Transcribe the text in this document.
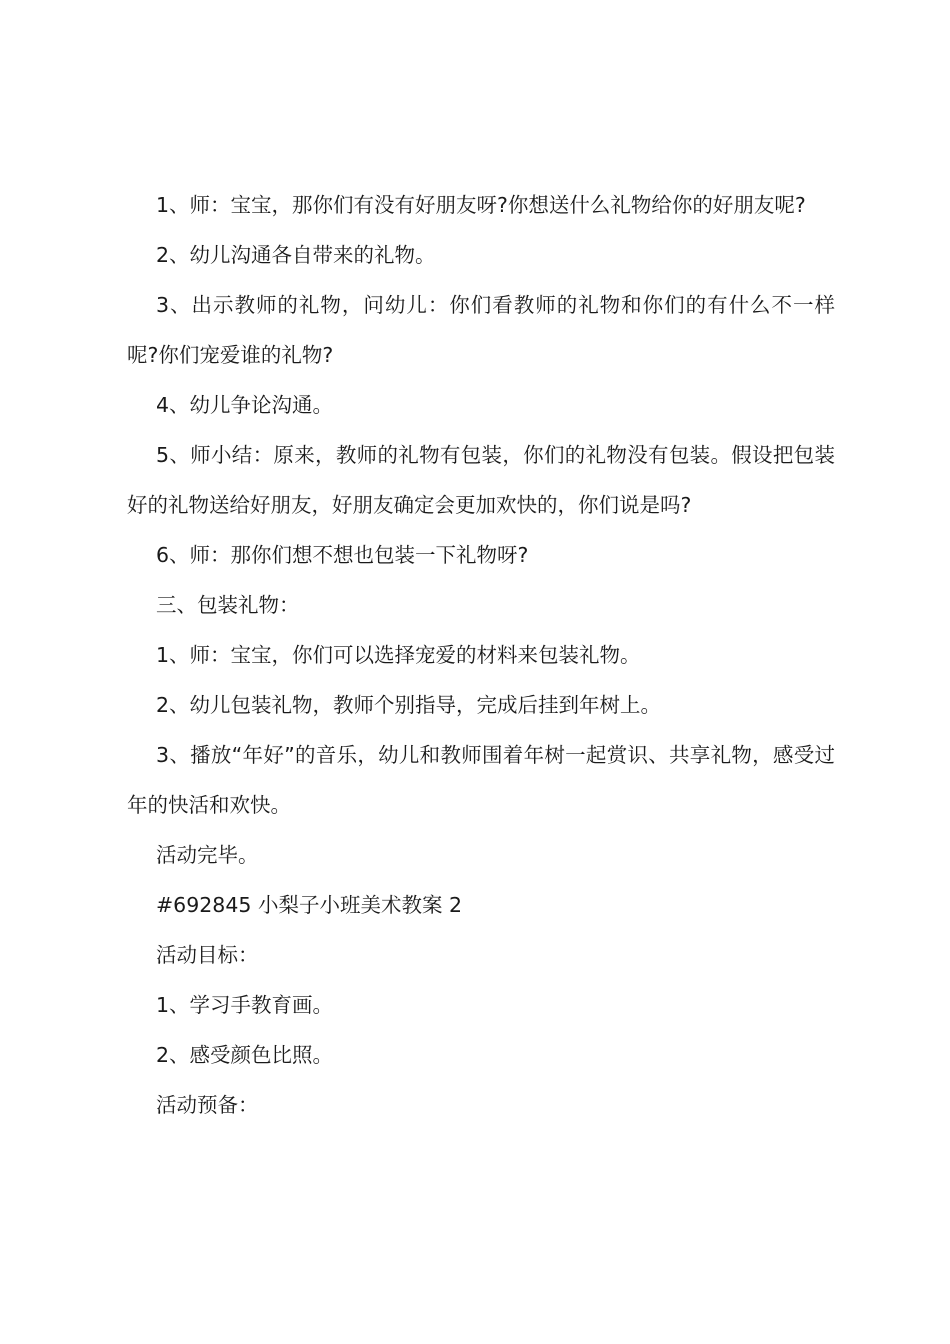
1、师：宝宝，那你们有没有好朋友呀?你想送什么礼物给你的好朋友呢?

2、幼儿沟通各自带来的礼物。

3、出示教师的礼物，问幼儿：你们看教师的礼物和你们的有什么不一样呢?你们宠爱谁的礼物?

4、幼儿争论沟通。

5、师小结：原来，教师的礼物有包装，你们的礼物没有包装。假设把包装好的礼物送给好朋友，好朋友确定会更加欢快的，你们说是吗?

6、师：那你们想不想也包装一下礼物呀?

三、包装礼物：

1、师：宝宝，你们可以选择宠爱的材料来包装礼物。

2、幼儿包装礼物，教师个别指导，完成后挂到年树上。

3、播放“年好”的音乐，幼儿和教师围着年树一起赏识、共享礼物，感受过年的快活和欢快。

活动完毕。

#692845 小梨子小班美术教案 2

活动目标：

1、学习手教育画。

2、感受颜色比照。

活动预备：
